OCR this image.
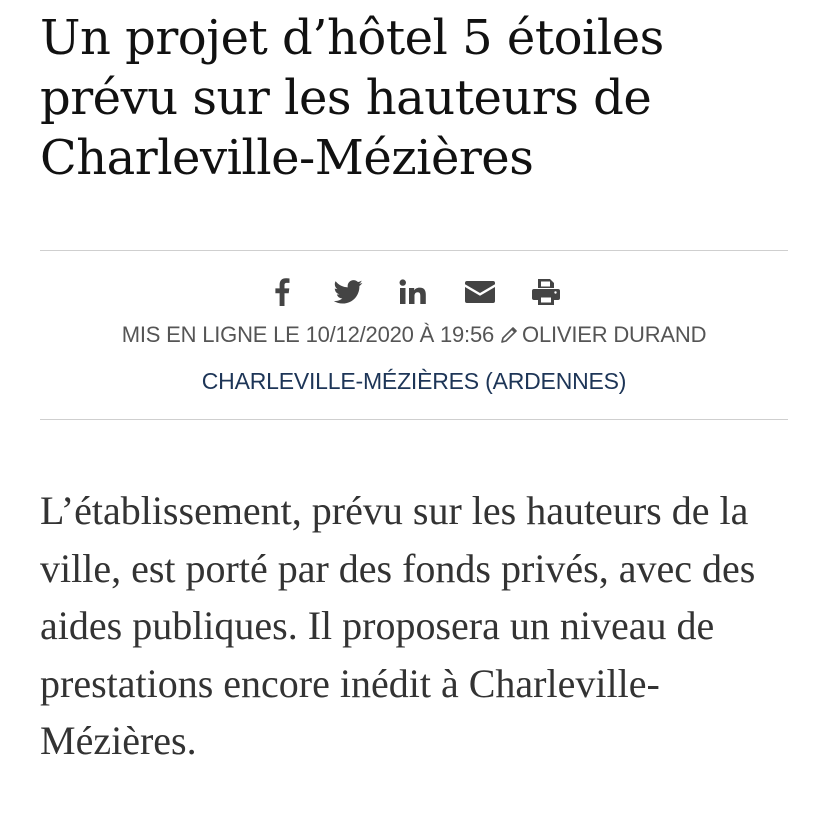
Un projet d’hôtel 5 étoiles prévu sur les hauteurs de Charleville-Mézières
MIS EN LIGNE LE 10/12/2020 À 19:56 OLIVIER DURAND
CHARLEVILLE-MÉZIÈRES (ARDENNES)

L’établissement, prévu sur les hauteurs de la ville, est porté par des fonds privés, avec des aides publiques. Il proposera un niveau de prestations encore inédit à Charleville-Mézières.
